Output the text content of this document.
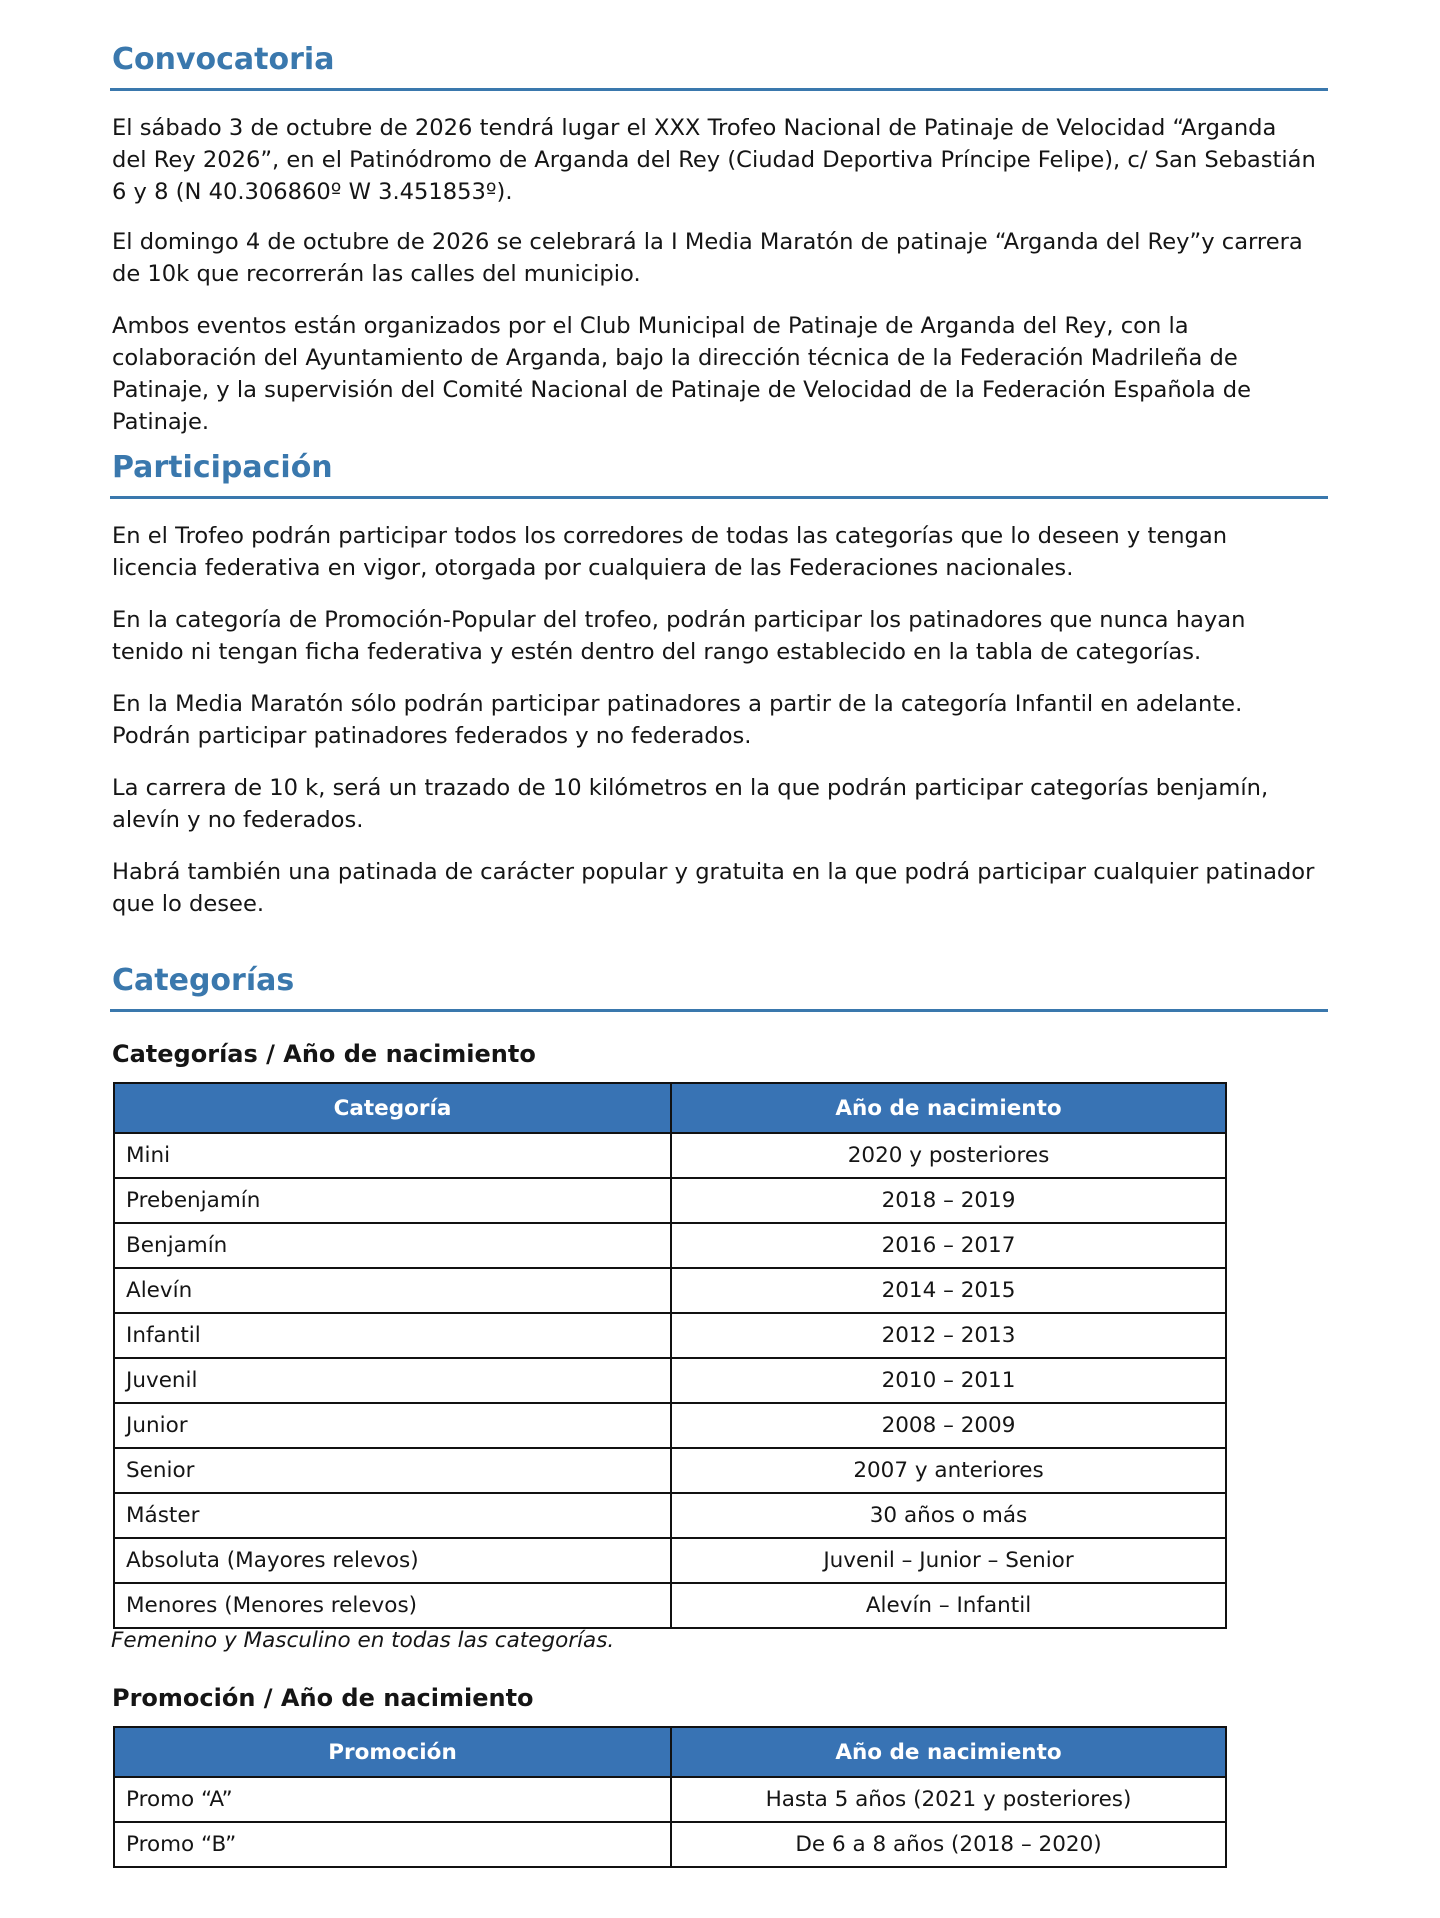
Convocatoria

El sábado 3 de octubre de 2026 tendrá lugar el XXX Trofeo Nacional de Patinaje de Velocidad “Arganda del Rey 2026”, en el Patinódromo de Arganda del Rey (Ciudad Deportiva Príncipe Felipe), c/ San Sebastián 6 y 8 (N 40.306860º W 3.451853º).

El domingo 4 de octubre de 2026 se celebrará la I Media Maratón de patinaje “Arganda del Rey”y carrera de 10k que recorrerán las calles del municipio.

Ambos eventos están organizados por el Club Municipal de Patinaje de Arganda del Rey, con la colaboración del Ayuntamiento de Arganda, bajo la dirección técnica de la Federación Madrileña de Patinaje, y la supervisión del Comité Nacional de Patinaje de Velocidad de la Federación Española de Patinaje.

Participación

En el Trofeo podrán participar todos los corredores de todas las categorías que lo deseen y tengan licencia federativa en vigor, otorgada por cualquiera de las Federaciones nacionales.

En la categoría de Promoción-Popular del trofeo, podrán participar los patinadores que nunca hayan tenido ni tengan ficha federativa y estén dentro del rango establecido en la tabla de categorías.

En la Media Maratón sólo podrán participar patinadores a partir de la categoría Infantil en adelante. Podrán participar patinadores federados y no federados.

La carrera de 10 k, será un trazado de 10 kilómetros en la que podrán participar categorías benjamín, alevín y no federados.

Habrá también una patinada de carácter popular y gratuita en la que podrá participar cualquier patinador que lo desee.

Categorías
Categorías / Año de nacimiento
Categoría	Año de nacimiento
Mini	2020 y posteriores
Prebenjamín	2018 – 2019
Benjamín	2016 – 2017
Alevín	2014 – 2015
Infantil	2012 – 2013
Juvenil	2010 – 2011
Junior	2008 – 2009
Senior	2007 y anteriores
Máster	30 años o más
Absoluta (Mayores relevos)	Juvenil – Junior – Senior
Menores (Menores relevos)	Alevín – Infantil
Femenino y Masculino en todas las categorías.
Promoción / Año de nacimiento
Promoción	Año de nacimiento
Promo “A”	Hasta 5 años (2021 y posteriores)
Promo “B”	De 6 a 8 años (2018 – 2020)
